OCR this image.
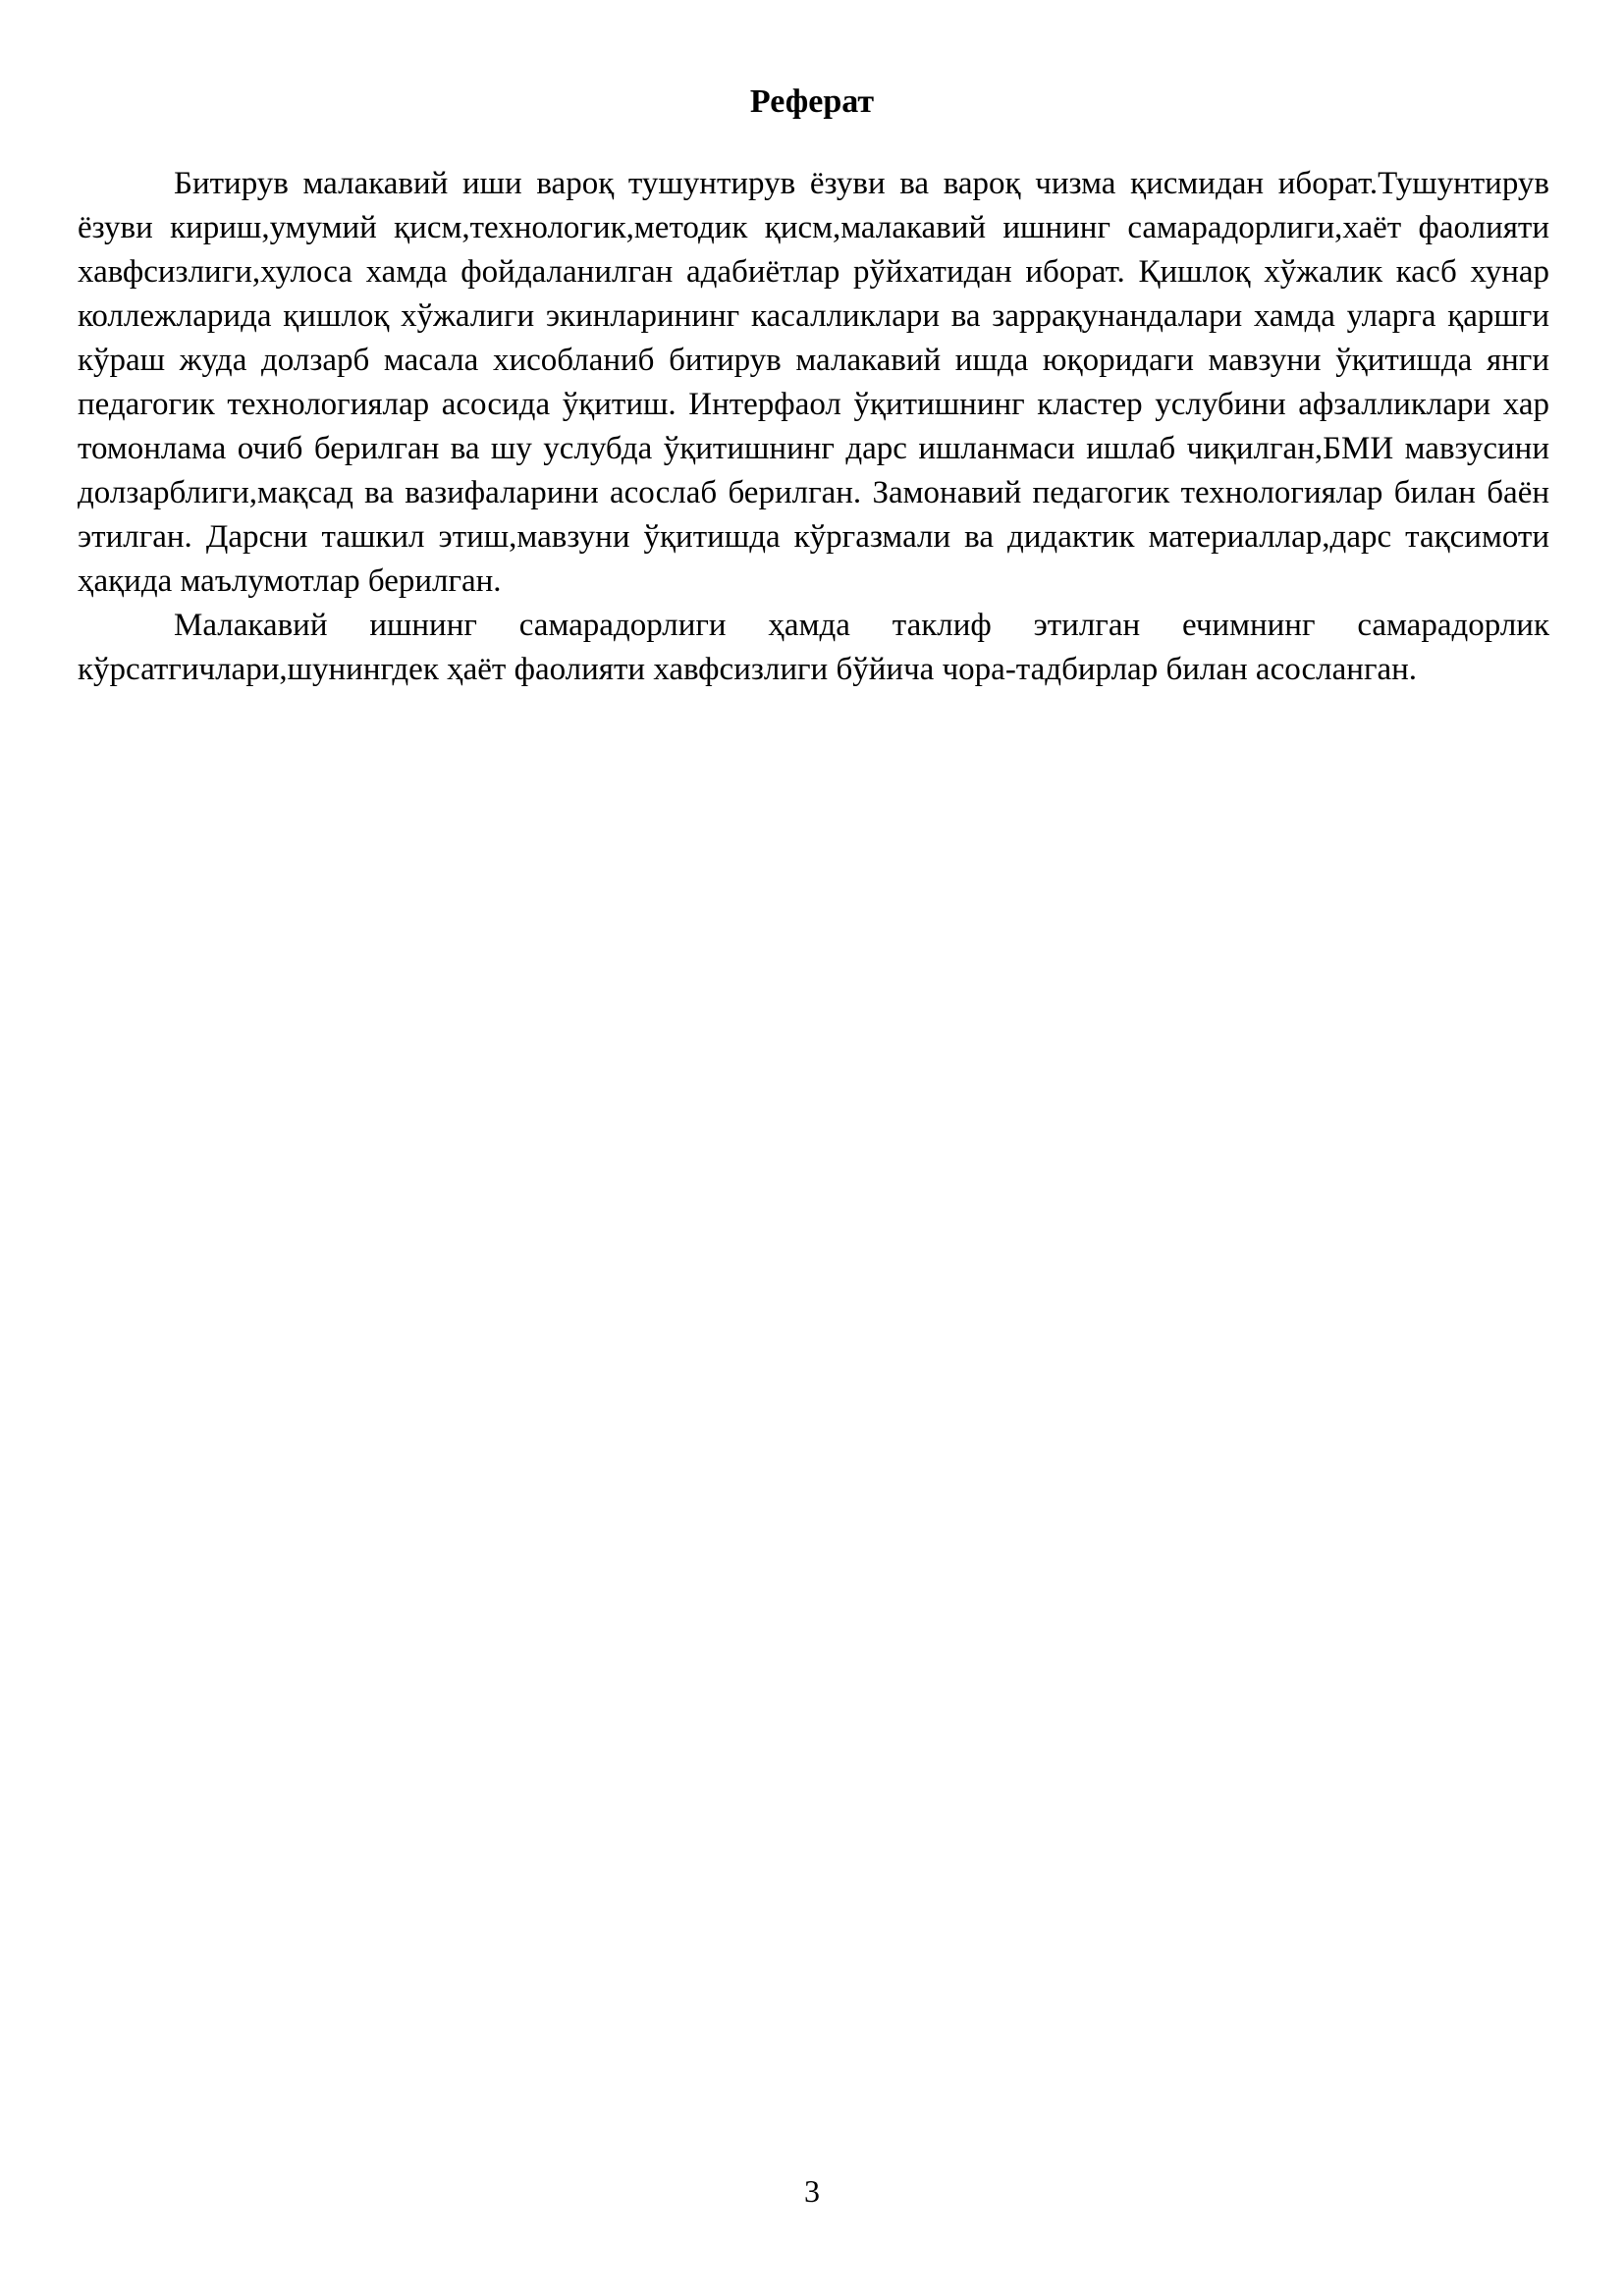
Реферат

Битирув малакавий иши вароқ тушунтирув ёзуви ва вароқ чизма қисмидан иборат.Тушунтирув ёзуви кириш,умумий қисм,технологик,методик қисм,малакавий ишнинг самарадорлиги,хаёт фаолияти хавфсизлиги,хулоса хамда фойдаланилган адабиётлар рўйхатидан иборат. Қишлоқ хўжалик касб хунар коллежларида қишлоқ хўжалиги экинларининг касалликлари ва заррақунандалари хамда уларга қаршги кўраш жуда долзарб масала хисобланиб битирув малакавий ишда юқоридаги мавзуни ўқитишда янги педагогик технологиялар асосида ўқитиш. Интерфаол ўқитишнинг кластер услубини афзалликлари хар томонлама очиб берилган ва шу услубда ўқитишнинг дарс ишланмаси ишлаб чиқилган,БМИ мавзусини долзарблиги,мақсад ва вазифаларини асослаб берилган. Замонавий педагогик технологиялар билан баён этилган. Дарсни ташкил этиш,мавзуни ўқитишда кўргазмали ва дидактик материаллар,дарс тақсимоти ҳақида маълумотлар берилган.

Малакавий ишнинг самарадорлиги ҳамда таклиф этилган ечимнинг самарадорлик кўрсатгичлари,шунингдек ҳаёт фаолияти хавфсизлиги бўйича чора-тадбирлар билан асосланган.

3
